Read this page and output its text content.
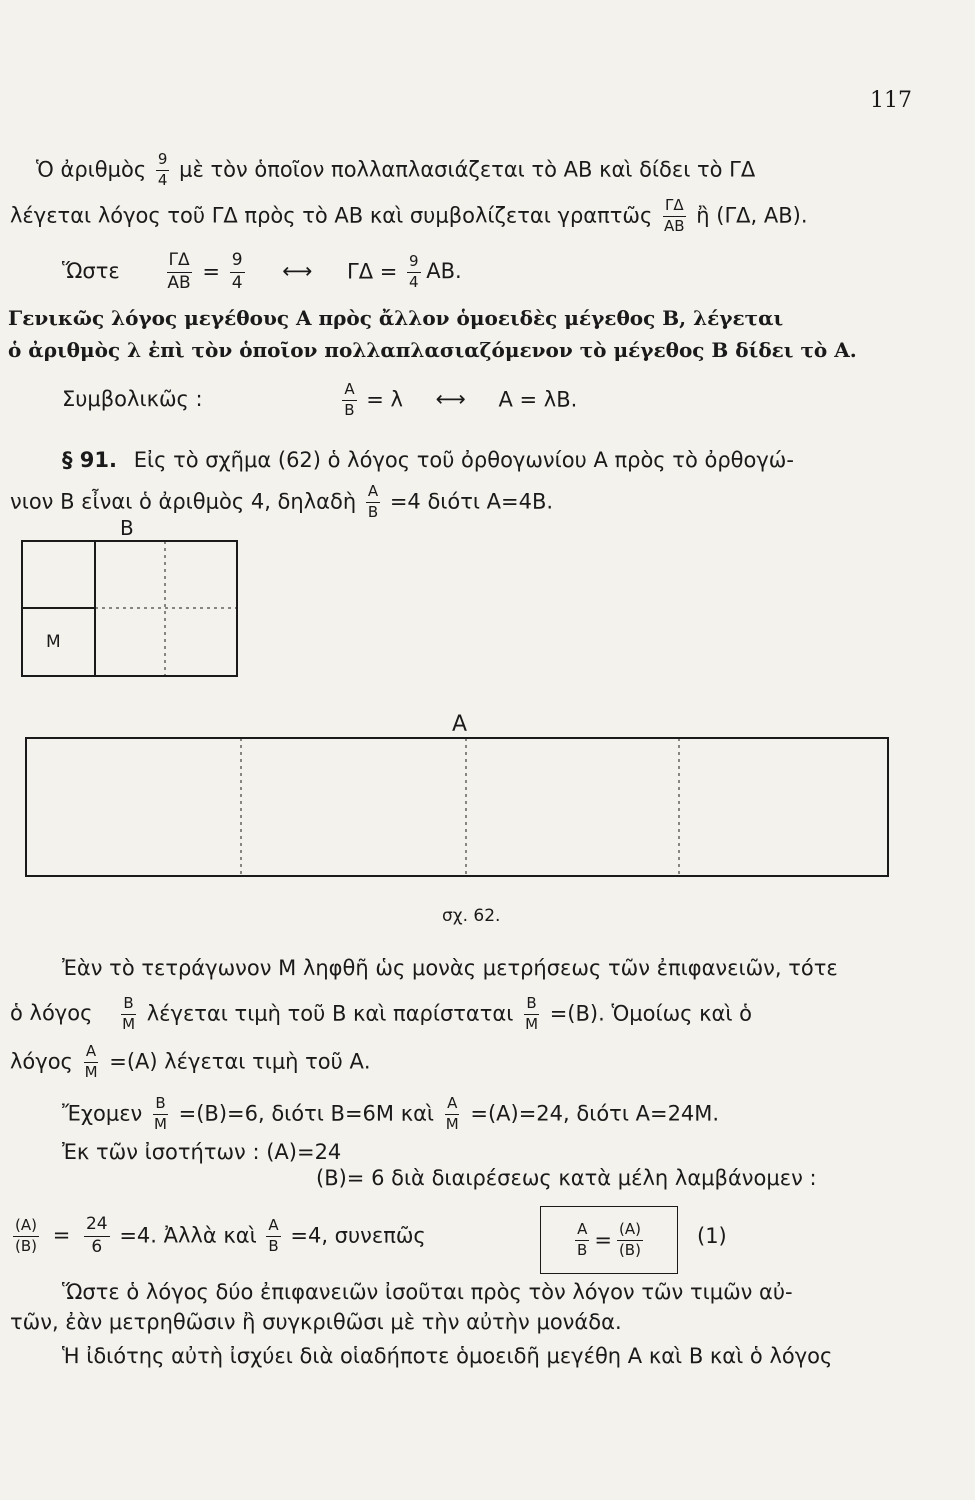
117
Ὁ ἀριθμὸς $\frac{9}{4}$ μὲ τὸν ὁποῖον πολλαπλασιάζεται τὸ ΑΒ καὶ δίδει τὸ ΓΔ
λέγεται λόγος τοῦ ΓΔ πρὸς τὸ ΑΒ καὶ συμβολίζεται γραπτῶς $\frac{\Gamma\Delta}{AB}$ ἢ (ΓΔ, ΑΒ).
Ὥστε	$\frac{\Gamma\Delta}{AB} = \frac{9}{4}$ ⟷ $\Gamma\Delta = \frac{9}{4} AB$.
Γενικῶς λόγος μεγέθους Α πρὸς ἄλλον ὁμοειδὲς μέγεθος Β, λέγεται
ὁ ἀριθμὸς λ ἐπὶ τὸν ὁποῖον πολλαπλασιαζόμενον τὸ μέγεθος Β δίδει τὸ Α.
Συμβολικῶς :	$\frac{A}{B} = \lambda$ ⟷ Α = λΒ.
§ 91. Εἰς τὸ σχῆμα (62) ὁ λόγος τοῦ ὀρθογωνίου Α πρὸς τὸ ὀρθογώ-
νιον Β εἶναι ὁ ἀριθμὸς 4, δηλαδὴ $\frac{A}{B} =4$ διότι Α=4Β.
Β
Μ
Α
σχ. 62.
Ἐὰν τὸ τετράγωνον Μ ληφθῆ ὡς μονὰς μετρήσεως τῶν ἐπιφανειῶν, τότε
ὁ λόγος $\frac{B}{M}$ λέγεται τιμὴ τοῦ Β καὶ παρίσταται $\frac{B}{M} =(B)$. Ὁμοίως καὶ ὁ
λόγος $\frac{A}{M} =(A)$ λέγεται τιμὴ τοῦ Α.
Ἔχομεν $\frac{B}{M} =(B)=6$, διότι Β=6Μ καὶ $\frac{A}{M} =(A)=24$, διότι Α=24Μ.
Ἐκ τῶν ἰσοτήτων : (Α)=24
(Β)= 6 διὰ διαιρέσεως κατὰ μέλη λαμβάνομεν :
$\frac{(A)}{(B)} = \frac{24}{6} =4$. Ἀλλὰ καὶ $\frac{A}{B} =4$, συνεπῶς	$\frac{A}{B} = \frac{(A)}{(B)}$	(1)
Ὥστε ὁ λόγος δύο ἐπιφανειῶν ἰσοῦται πρὸς τὸν λόγον τῶν τιμῶν αὐ-
τῶν, ἐὰν μετρηθῶσιν ἢ συγκριθῶσι μὲ τὴν αὐτὴν μονάδα.
Ἡ ἰδιότης αὐτὴ ἰσχύει διὰ οἱαδήποτε ὁμοειδῆ μεγέθη Α καὶ Β καὶ ὁ λόγος
